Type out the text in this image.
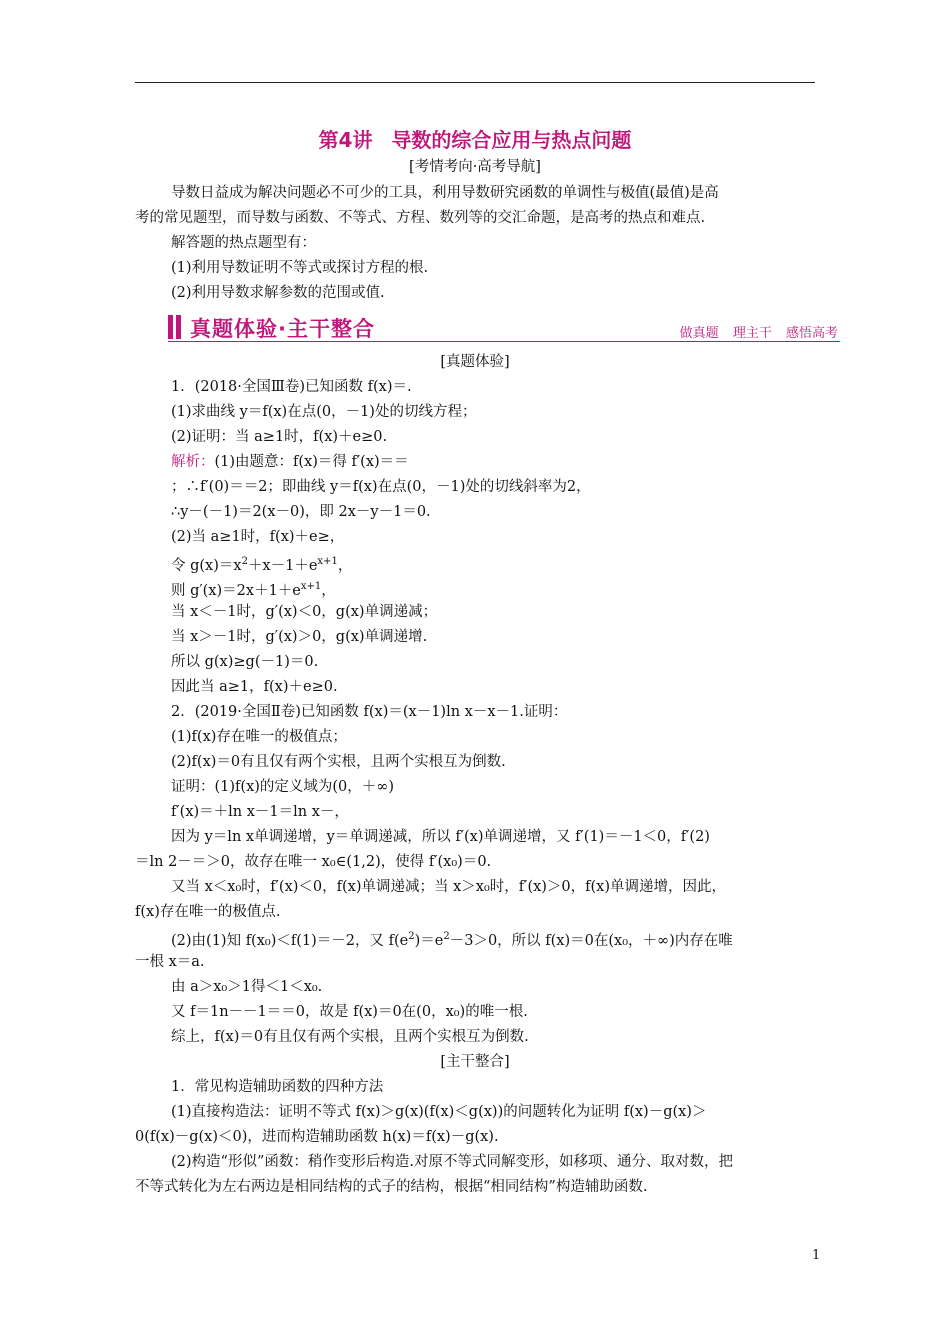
第4讲 导数的综合应用与热点问题
[考情考向·高考导航]
导数日益成为解决问题必不可少的工具，利用导数研究函数的单调性与极值(最值)是高
考的常见题型，而导数与函数、不等式、方程、数列等的交汇命题，是高考的热点和难点.
解答题的热点题型有：
(1)利用导数证明不等式或探讨方程的根.
(2)利用导数求解参数的范围或值.
真题体验·主干整合	做真题 理主干 感悟高考
[真题体验]
1．(2018·全国Ⅲ卷)已知函数 f(x)＝.
(1)求曲线 y＝f(x)在点(0，－1)处的切线方程；
(2)证明：当 a≥1时，f(x)＋e≥0.
解析：(1)由题意：f(x)＝得 f′(x)＝＝
；∴f′(0)＝＝2；即曲线 y＝f(x)在点(0，－1)处的切线斜率为2，
∴y－(－1)＝2(x－0)，即 2x－y－1＝0.
(2)当 a≥1时，f(x)＋e≥，
令 $g(x)=x^2+x-1+e^{x+1}$，
则 $g'(x)=2x+1+e^{x+1}$，
当 x＜－1时，g′(x)＜0，g(x)单调递减；
当 x＞－1时，g′(x)＞0，g(x)单调递增.
所以 g(x)≥g(－1)＝0.
因此当 a≥1，f(x)＋e≥0.
2．(2019·全国Ⅱ卷)已知函数 f(x)＝(x－1)ln x－x－1.证明：
(1)f(x)存在唯一的极值点；
(2)f(x)＝0有且仅有两个实根，且两个实根互为倒数.
证明：(1)f(x)的定义域为(0，＋∞)
f′(x)＝＋ln x－1＝ln x－，
因为 y＝ln x单调递增，y＝单调递减，所以 f′(x)单调递增，又 f′(1)＝－1＜0，f′(2)
＝ln 2－＝＞0，故存在唯一 x₀∈(1,2)，使得 f′(x₀)＝0.
又当 x＜x₀时，f′(x)＜0，f(x)单调递减；当 x＞x₀时，f′(x)＞0，f(x)单调递增，因此，
f(x)存在唯一的极值点.
(2)由(1)知 f(x₀)＜f(1)＝－2，又 $f(e^2)=e^2-3>0$，所以 f(x)＝0在(x₀，＋∞)内存在唯
一根 x＝a.
由 a＞x₀＞1得＜1＜x₀.
又 f＝1n－－1＝＝0，故是 f(x)＝0在(0，x₀)的唯一根.
综上，f(x)＝0有且仅有两个实根，且两个实根互为倒数.
[主干整合]
1．常见构造辅助函数的四种方法
(1)直接构造法：证明不等式 f(x)＞g(x)(f(x)＜g(x))的问题转化为证明 f(x)－g(x)＞
0(f(x)－g(x)＜0)，进而构造辅助函数 h(x)＝f(x)－g(x).
(2)构造“形似”函数：稍作变形后构造.对原不等式同解变形，如移项、通分、取对数，把
不等式转化为左右两边是相同结构的式子的结构，根据“相同结构”构造辅助函数.
1
